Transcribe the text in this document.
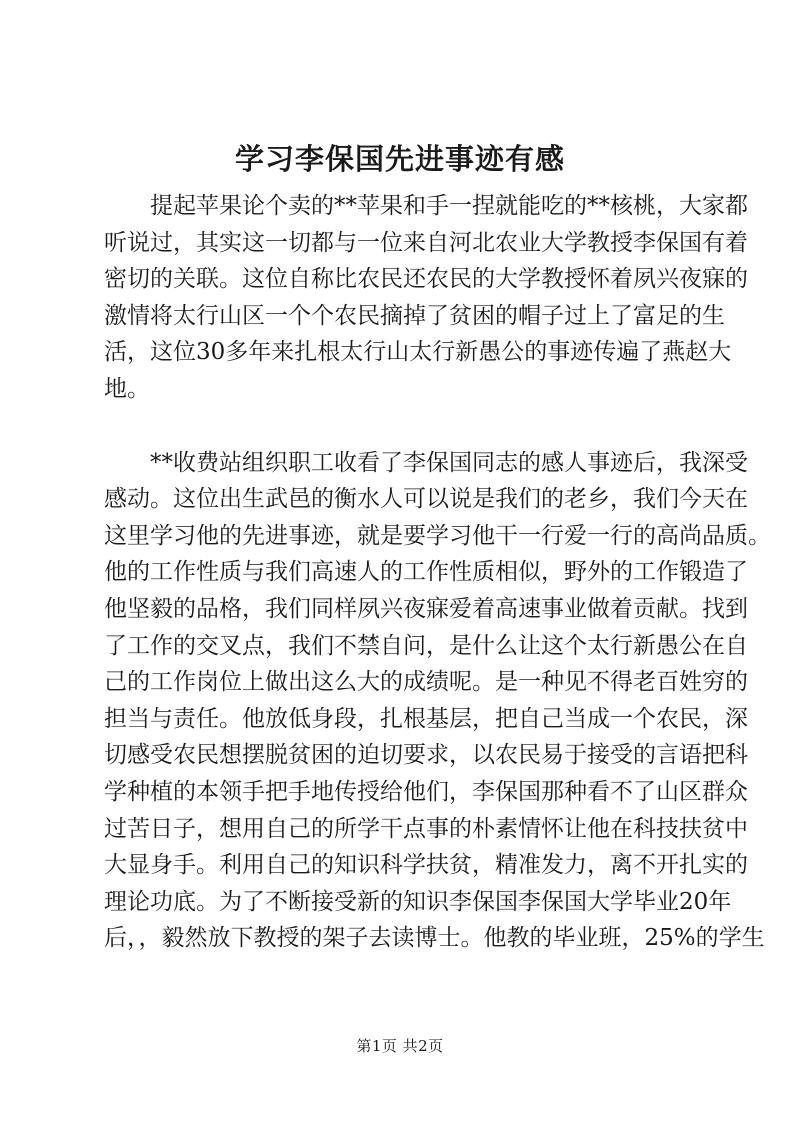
学习李保国先进事迹有感
　　提起苹果论个卖的**苹果和手一捏就能吃的**核桃，大家都
听说过，其实这一切都与一位来自河北农业大学教授李保国有着
密切的关联。这位自称比农民还农民的大学教授怀着夙兴夜寐的
激情将太行山区一个个农民摘掉了贫困的帽子过上了富足的生
活，这位30多年来扎根太行山太行新愚公的事迹传遍了燕赵大
地。
　　**收费站组织职工收看了李保国同志的感人事迹后，我深受
感动。这位出生武邑的衡水人可以说是我们的老乡，我们今天在
这里学习他的先进事迹，就是要学习他干一行爱一行的高尚品质。
他的工作性质与我们高速人的工作性质相似，野外的工作锻造了
他坚毅的品格，我们同样夙兴夜寐爱着高速事业做着贡献。找到
了工作的交叉点，我们不禁自问，是什么让这个太行新愚公在自
己的工作岗位上做出这么大的成绩呢。是一种见不得老百姓穷的
担当与责任。他放低身段，扎根基层，把自己当成一个农民，深
切感受农民想摆脱贫困的迫切要求，以农民易于接受的言语把科
学种植的本领手把手地传授给他们，李保国那种看不了山区群众
过苦日子，想用自己的所学干点事的朴素情怀让他在科技扶贫中
大显身手。利用自己的知识科学扶贫，精准发力，离不开扎实的
理论功底。为了不断接受新的知识李保国李保国大学毕业20年
后，，毅然放下教授的架子去读博士。他教的毕业班，25%的学生
第1页 共2页
